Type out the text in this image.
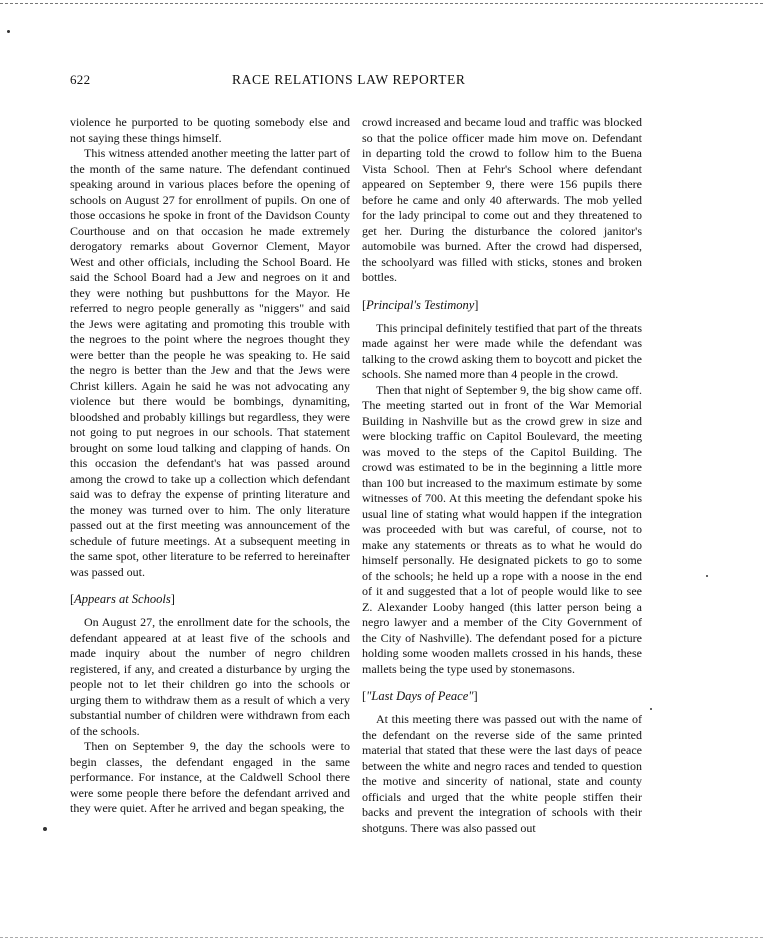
622	RACE RELATIONS LAW REPORTER

violence he purported to be quoting somebody else and not saying these things himself.

This witness attended another meeting the latter part of the month of the same nature. The defendant continued speaking around in various places before the opening of schools on August 27 for enrollment of pupils. On one of those occasions he spoke in front of the Davidson County Courthouse and on that occasion he made extremely derogatory remarks about Governor Clement, Mayor West and other officials, including the School Board. He said the School Board had a Jew and negroes on it and they were nothing but pushbuttons for the Mayor. He referred to negro people generally as "niggers" and said the Jews were agitating and promoting this trouble with the negroes to the point where the negroes thought they were better than the people he was speaking to. He said the negro is better than the Jew and that the Jews were Christ killers. Again he said he was not advocating any violence but there would be bombings, dynamiting, bloodshed and probably killings but regardless, they were not going to put negroes in our schools. That statement brought on some loud talking and clapping of hands. On this occasion the defendant's hat was passed around among the crowd to take up a collection which defendant said was to defray the expense of printing literature and the money was turned over to him. The only literature passed out at the first meeting was announcement of the schedule of future meetings. At a subsequent meeting in the same spot, other literature to be referred to hereinafter was passed out.

[Appears at Schools]

On August 27, the enrollment date for the schools, the defendant appeared at at least five of the schools and made inquiry about the number of negro children registered, if any, and created a disturbance by urging the people not to let their children go into the schools or urging them to withdraw them as a result of which a very substantial number of children were withdrawn from each of the schools.

Then on September 9, the day the schools were to begin classes, the defendant engaged in the same performance. For instance, at the Caldwell School there were some people there before the defendant arrived and they were quiet. After he arrived and began speaking, the

crowd increased and became loud and traffic was blocked so that the police officer made him move on. Defendant in departing told the crowd to follow him to the Buena Vista School. Then at Fehr's School where defendant appeared on September 9, there were 156 pupils there before he came and only 40 afterwards. The mob yelled for the lady principal to come out and they threatened to get her. During the disturbance the colored janitor's automobile was burned. After the crowd had dispersed, the schoolyard was filled with sticks, stones and broken bottles.

[Principal's Testimony]

This principal definitely testified that part of the threats made against her were made while the defendant was talking to the crowd asking them to boycott and picket the schools. She named more than 4 people in the crowd.

Then that night of September 9, the big show came off. The meeting started out in front of the War Memorial Building in Nashville but as the crowd grew in size and were blocking traffic on Capitol Boulevard, the meeting was moved to the steps of the Capitol Building. The crowd was estimated to be in the beginning a little more than 100 but increased to the maximum estimate by some witnesses of 700. At this meeting the defendant spoke his usual line of stating what would happen if the integration was proceeded with but was careful, of course, not to make any statements or threats as to what he would do himself personally. He designated pickets to go to some of the schools; he held up a rope with a noose in the end of it and suggested that a lot of people would like to see Z. Alexander Looby hanged (this latter person being a negro lawyer and a member of the City Government of the City of Nashville). The defendant posed for a picture holding some wooden mallets crossed in his hands, these mallets being the type used by stonemasons.

["Last Days of Peace"]

At this meeting there was passed out with the name of the defendant on the reverse side of the same printed material that stated that these were the last days of peace between the white and negro races and tended to question the motive and sincerity of national, state and county officials and urged that the white people stiffen their backs and prevent the integration of schools with their shotguns. There was also passed out
